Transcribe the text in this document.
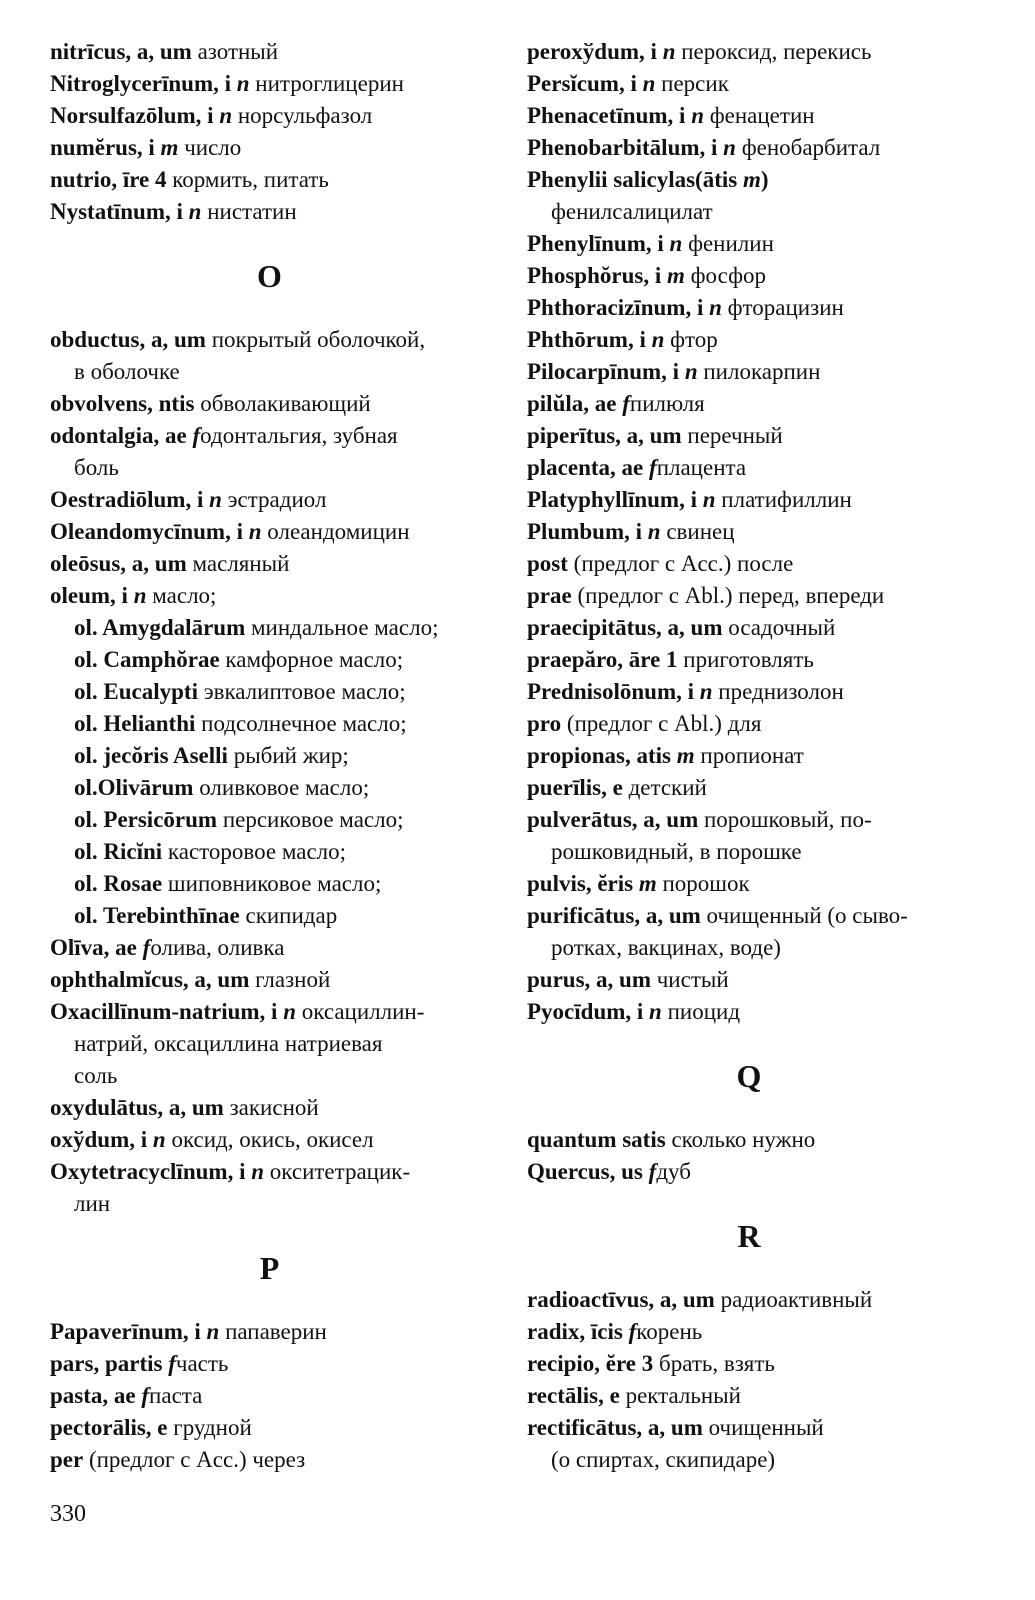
nitrīcus, a, um азотный
Nitroglycerīnum, i n нитроглицерин
Norsulfazōlum, i n норсульфазол
numĕrus, i m число
nutrio, īre 4 кормить, питать
Nystatīnum, i n нистатин
O
obductus, a, um покрытый оболочкой,
в оболочке
obvolvens, ntis обволакивающий
odontalgia, ae fодонтальгия, зубная
боль
Oestradiōlum, i n эстрадиол
Oleandomycīnum, i n олеандомицин
oleōsus, a, um масляный
oleum, i n масло;
ol. Amygdalārum миндальное масло;
ol. Camphŏrae камфорное масло;
ol. Eucalypti эвкалиптовое масло;
ol. Helianthi подсолнечное масло;
ol. jecŏris Aselli рыбий жир;
ol.Olivārum оливковое масло;
ol. Persicōrum персиковое масло;
ol. Ricĭni касторовое масло;
ol. Rosae шиповниковое масло;
ol. Terebinthīnae скипидар
Olīva, ae fолива, оливка
ophthalmĭcus, a, um глазной
Oxacillīnum-natrium, i n оксациллин-
натрий, оксациллина натриевая
соль
oxydulātus, a, um закисной
oxўdum, i n оксид, окись, окисел
Oxytetracyclīnum, i n окситетрацик-
лин
P
Papaverīnum, i n папаверин
pars, partis fчасть
pasta, ae fпаста
pectorālis, e грудной
per (предлог с Acc.) через
peroxўdum, i n пероксид, перекись
Persĭcum, i n персик
Phenacetīnum, i n фенацетин
Phenobarbitālum, i n фенобарбитал
Phenylii salicylas(ātis m)
фенилсалицилат
Phenylīnum, i n фенилин
Phosphŏrus, i m фосфор
Phthoracizīnum, i n фторацизин
Phthōrum, i n фтор
Pilocarpīnum, i n пилокарпин
pilŭla, ae fпилюля
piperītus, a, um перечный
placenta, ae fплацента
Platyphyllīnum, i n платифиллин
Plumbum, i n свинец
post (предлог с Acc.) после
prae (предлог с Abl.) перед, впереди
praecipitātus, a, um осадочный
praepăro, āre 1 приготовлять
Prednisolōnum, i n преднизолон
pro (предлог с Abl.) для
propionas, atis m пропионат
puerīlis, e детский
pulverātus, a, um порошковый, по-
рошковидный, в порошке
pulvis, ĕris m порошок
purificātus, a, um очищенный (о сыво-
ротках, вакцинах, воде)
purus, a, um чистый
Pyocīdum, i n пиоцид
Q
quantum satis сколько нужно
Quercus, us fдуб
R
radioactīvus, a, um радиоактивный
radix, īcis fкорень
recipio, ĕre 3 брать, взять
rectālis, e ректальный
rectificātus, a, um очищенный
(о спиртах, скипидаре)
330
